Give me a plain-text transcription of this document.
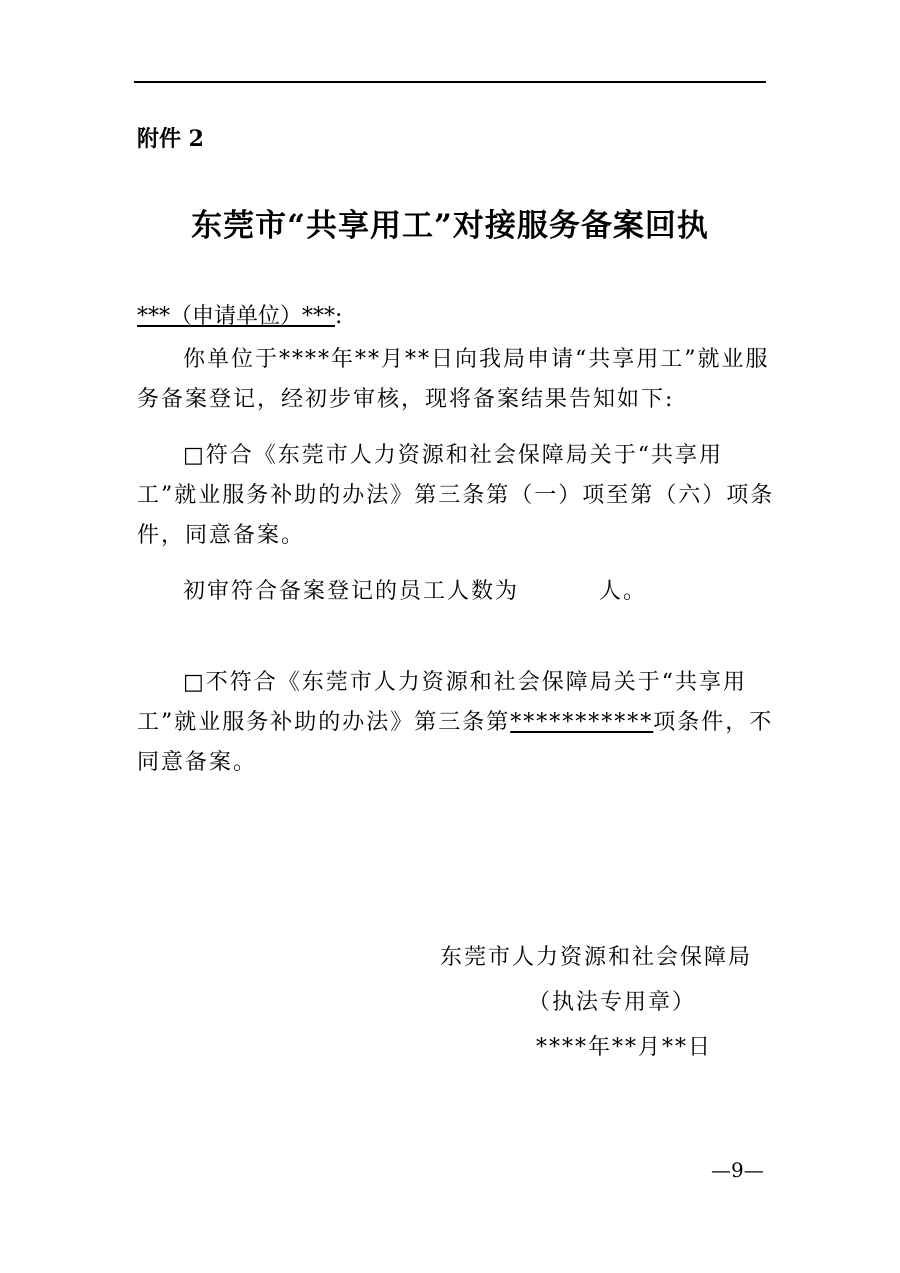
附件 2
东莞市“共享用工”对接服务备案回执
***（申请单位）***:
你单位于****年**月**日向我局申请“共享用工”就业服务备案登记，经初步审核，现将备案结果告知如下:
□符合《东莞市人力资源和社会保障局关于“共享用工”就业服务补助的办法》第三条第（一）项至第（六）项条件，同意备案。
初审符合备案登记的员工人数为	人。
□不符合《东莞市人力资源和社会保障局关于“共享用工”就业服务补助的办法》第三条第***********项条件，不同意备案。
东莞市人力资源和社会保障局
（执法专用章）
****年**月**日
—9—
